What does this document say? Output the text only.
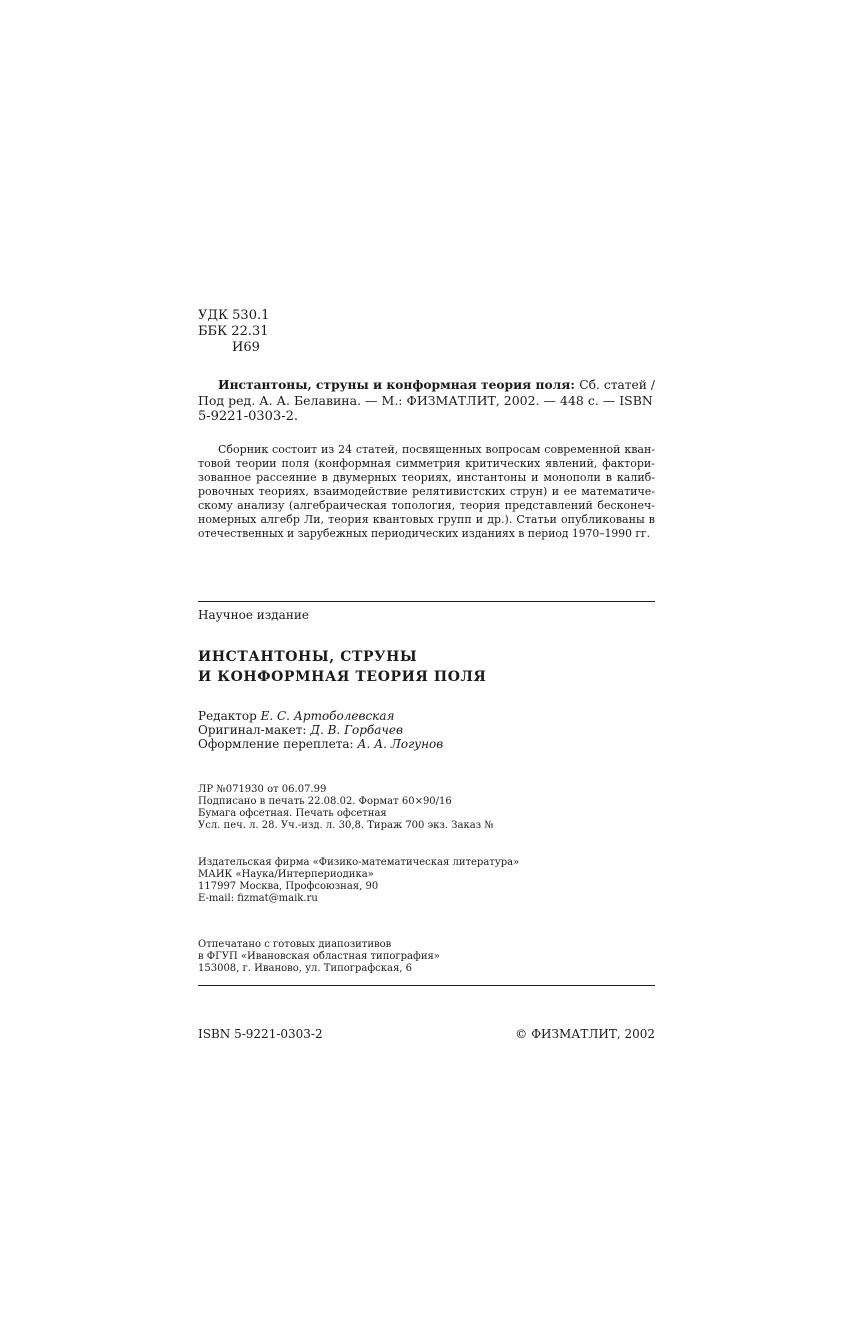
УДК 530.1
ББК 22.31
И69
Инстантоны, струны и конформная теория поля: Сб. статей /
Под ред. А. А. Белавина. — М.: ФИЗМАТЛИТ, 2002. — 448 с. — ISBN
5-9221-0303-2.
Сборник состоит из 24 статей, посвященных вопросам современной кван-
товой теории поля (конформная симметрия критических явлений, фактори-
зованное рассеяние в двумерных теориях, инстантоны и монополи в калиб-
ровочных теориях, взаимодействие релятивистских струн) и ее математиче-
скому анализу (алгебраическая топология, теория представлений бесконеч-
номерных алгебр Ли, теория квантовых групп и др.). Статьи опубликованы в
отечественных и зарубежных периодических изданиях в период 1970–1990 гг.
Научное издание
ИНСТАНТОНЫ, СТРУНЫ
И КОНФОРМНАЯ ТЕОРИЯ ПОЛЯ
Редактор Е. С. Артоболевская
Оригинал-макет: Д. В. Горбачев
Оформление переплета: А. А. Логунов
ЛР №071930 от 06.07.99
Подписано в печать 22.08.02. Формат 60×90/16
Бумага офсетная. Печать офсетная
Усл. печ. л. 28. Уч.-изд. л. 30,8. Тираж 700 экз. Заказ №
Издательская фирма «Физико-математическая литература»
МАИК «Наука/Интерпериодика»
117997 Москва, Профсоюзная, 90
E-mail: fizmat@maik.ru
Отпечатано с готовых диапозитивов
в ФГУП «Ивановская областная типография»
153008, г. Иваново, ул. Типографская, 6
ISBN 5-9221-0303-2	© ФИЗМАТЛИТ, 2002
